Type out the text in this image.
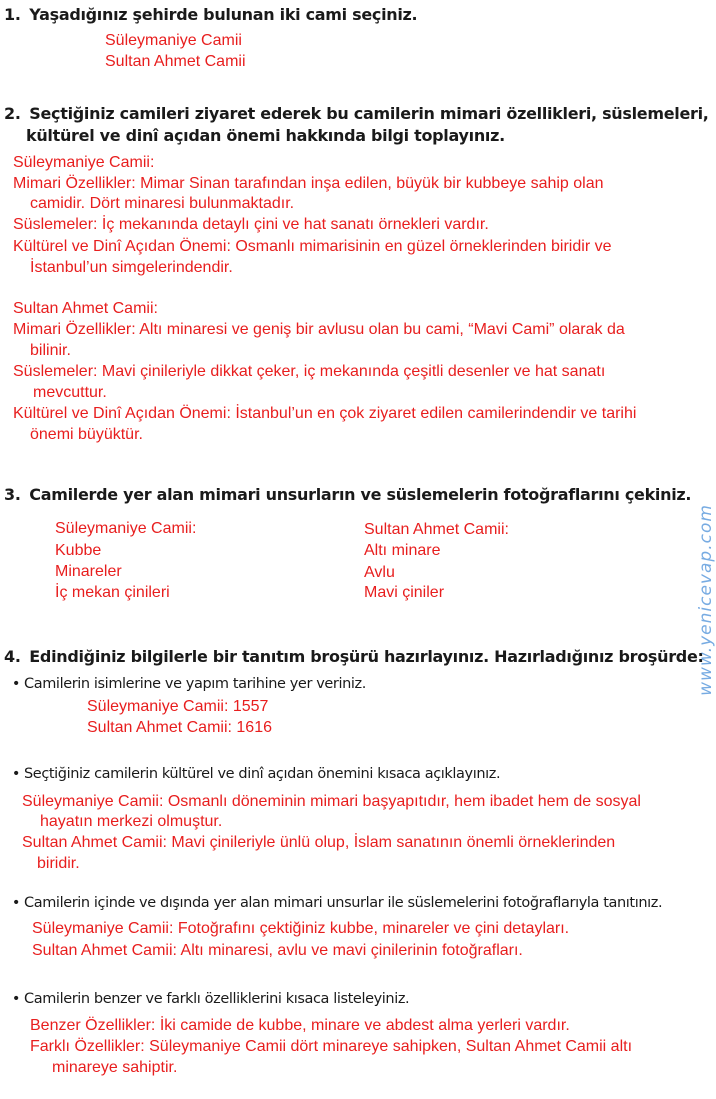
1. Yaşadığınız şehirde bulunan iki cami seçiniz.
Süleymaniye Camii
Sultan Ahmet Camii
2. Seçtiğiniz camileri ziyaret ederek bu camilerin mimari özellikleri, süslemeleri,
kültürel ve dinî açıdan önemi hakkında bilgi toplayınız.
Süleymaniye Camii:
Mimari Özellikler: Mimar Sinan tarafından inşa edilen, büyük bir kubbeye sahip olan
camidir. Dört minaresi bulunmaktadır.
Süslemeler: İç mekanında detaylı çini ve hat sanatı örnekleri vardır.
Kültürel ve Dinî Açıdan Önemi: Osmanlı mimarisinin en güzel örneklerinden biridir ve
İstanbul’un simgelerindendir.
Sultan Ahmet Camii:
Mimari Özellikler: Altı minaresi ve geniş bir avlusu olan bu cami, “Mavi Cami” olarak da
bilinir.
Süslemeler: Mavi çinileriyle dikkat çeker, iç mekanında çeşitli desenler ve hat sanatı
mevcuttur.
Kültürel ve Dinî Açıdan Önemi: İstanbul’un en çok ziyaret edilen camilerindendir ve tarihi
önemi büyüktür.
3. Camilerde yer alan mimari unsurların ve süslemelerin fotoğraflarını çekiniz.
Süleymaniye Camii:
Kubbe
Minareler
İç mekan çinileri
Sultan Ahmet Camii:
Altı minare
Avlu
Mavi çiniler
4. Edindiğiniz bilgilerle bir tanıtım broşürü hazırlayınız. Hazırladığınız broşürde:
• Camilerin isimlerine ve yapım tarihine yer veriniz.
Süleymaniye Camii: 1557
Sultan Ahmet Camii: 1616
• Seçtiğiniz camilerin kültürel ve dinî açıdan önemini kısaca açıklayınız.
Süleymaniye Camii: Osmanlı döneminin mimari başyapıtıdır, hem ibadet hem de sosyal
hayatın merkezi olmuştur.
Sultan Ahmet Camii: Mavi çinileriyle ünlü olup, İslam sanatının önemli örneklerinden
biridir.
• Camilerin içinde ve dışında yer alan mimari unsurlar ile süslemelerini fotoğraflarıyla tanıtınız.
Süleymaniye Camii: Fotoğrafını çektiğiniz kubbe, minareler ve çini detayları.
Sultan Ahmet Camii: Altı minaresi, avlu ve mavi çinilerinin fotoğrafları.
• Camilerin benzer ve farklı özelliklerini kısaca listeleyiniz.
Benzer Özellikler: İki camide de kubbe, minare ve abdest alma yerleri vardır.
Farklı Özellikler: Süleymaniye Camii dört minareye sahipken, Sultan Ahmet Camii altı
minareye sahiptir.
www.yenicevap.com
